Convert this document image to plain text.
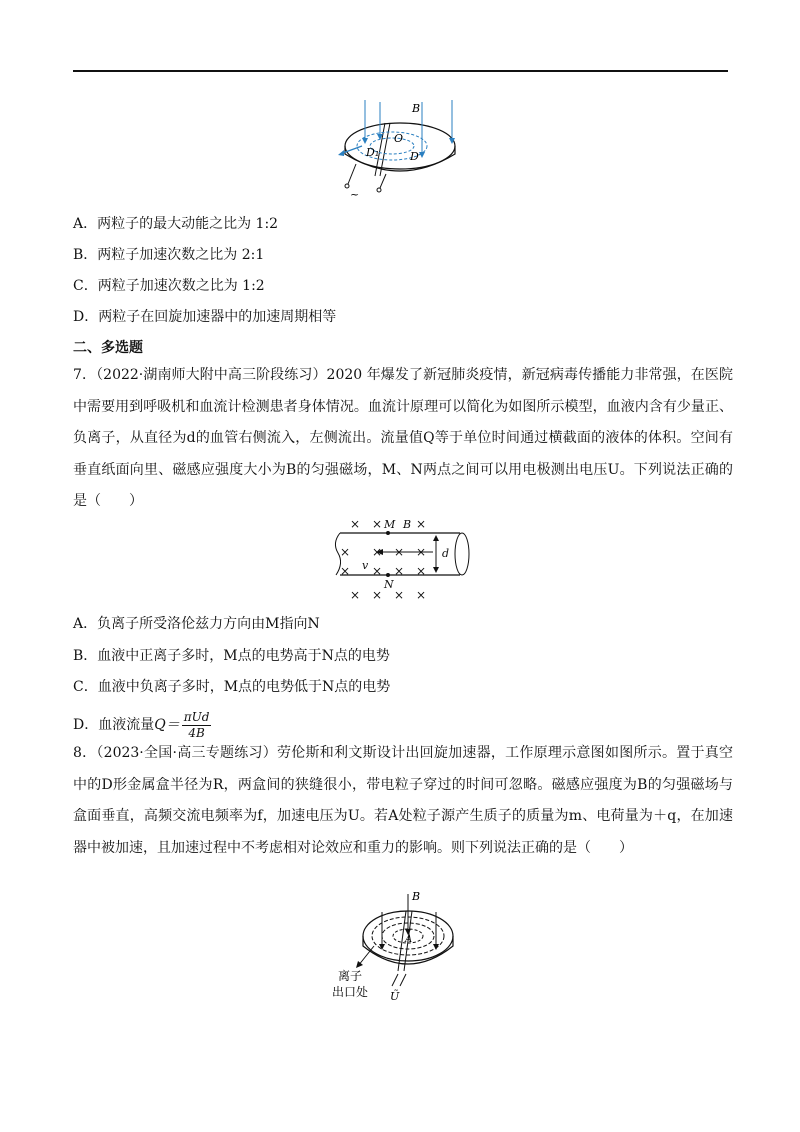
B
O
D₁	D
~
A．两粒子的最大动能之比为 1:2
B．两粒子加速次数之比为 2:1
C．两粒子加速次数之比为 1:2
D．两粒子在回旋加速器中的加速周期相等
二、多选题
7．（2022·湖南师大附中高三阶段练习）2020 年爆发了新冠肺炎疫情，新冠病毒传播能力非常强，在医院中需要用到呼吸机和血流计检测患者身体情况。血流计原理可以简化为如图所示模型，血液内含有少量正、负离子，从直径为d的血管右侧流入，左侧流出。流量值Q等于单位时间通过横截面的液体的体积。空间有垂直纸面向里、磁感应强度大小为B的匀强磁场，M、N两点之间可以用电极测出电压U。下列说法正确的是（　　）
× ×	×
× × × ×
× × × ×
× × × ×
M B
N
v
d
A．负离子所受洛伦兹力方向由M指向N
B．血液中正离子多时，M点的电势高于N点的电势
C．血液中负离子多时，M点的电势低于N点的电势
D．血液流量$Q= \frac{\text{πUd}}{4B}$
8．（2023·全国·高三专题练习）劳伦斯和利文斯设计出回旋加速器，工作原理示意图如图所示。置于真空中的D形金属盒半径为R，两盒间的狭缝很小，带电粒子穿过的时间可忽略。磁感应强度为B的匀强磁场与盒面垂直，高频交流电频率为f，加速电压为U。若A处粒子源产生质子的质量为m、电荷量为＋q，在加速器中被加速，且加速过程中不考虑相对论效应和重力的影响。则下列说法正确的是（　　）
B
A
离子
出口处 Ũ
